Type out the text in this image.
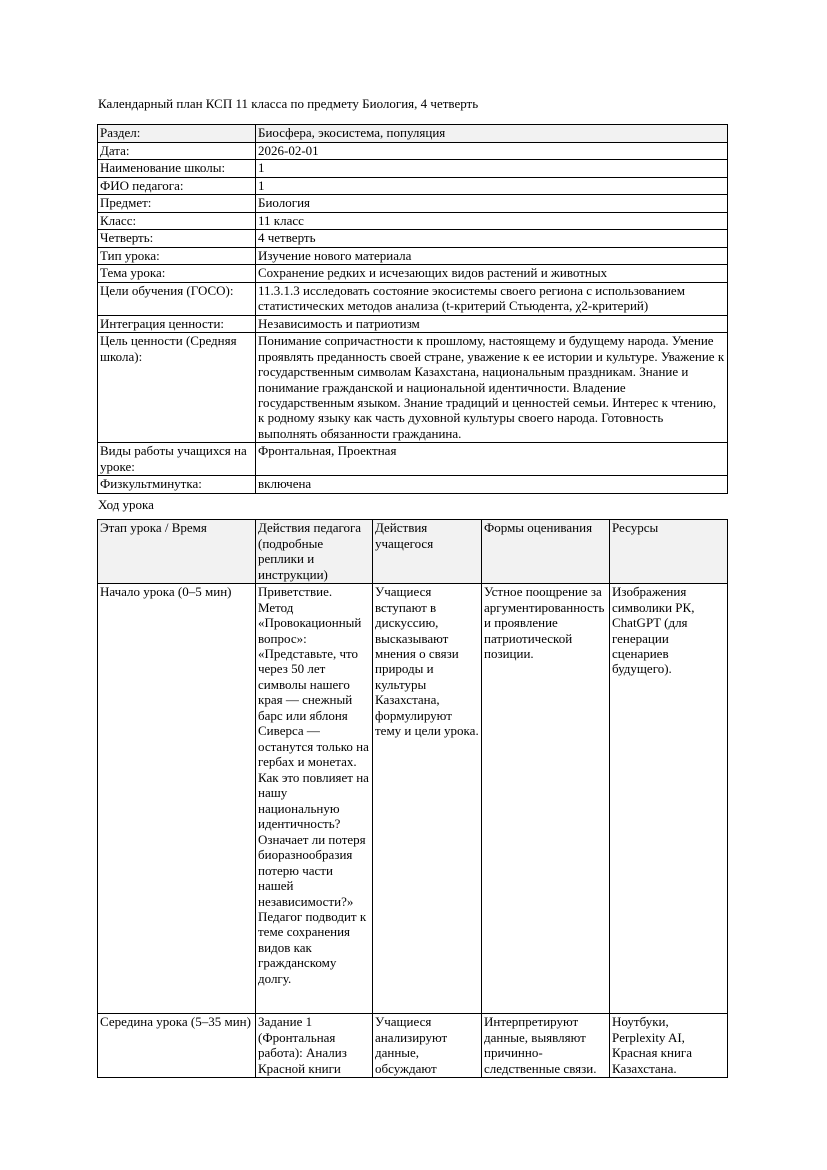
Календарный план КСП 11 класса по предмету Биология, 4 четверть

Раздел:	Биосфера, экосистема, популяция
Дата:	2026-02-01
Наименование школы:	1
ФИО педагога:	1
Предмет:	Биология
Класс:	11 класс
Четверть:	4 четверть
Тип урока:	Изучение нового материала
Тема урока:	Сохранение редких и исчезающих видов растений и животных
Цели обучения (ГОСО):	11.3.1.3 исследовать состояние экосистемы своего региона с использованием статистических методов анализа (t-критерий Стьюдента, χ2-критерий)
Интеграция ценности:	Независимость и патриотизм
Цель ценности (Средняя школа):	Понимание сопричастности к прошлому, настоящему и будущему народа. Умение проявлять преданность своей стране, уважение к ее истории и культуре. Уважение к государственным символам Казахстана, национальным праздникам. Знание и понимание гражданской и национальной идентичности. Владение государственным языком. Знание традиций и ценностей семьи. Интерес к чтению, к родному языку как часть духовной культуры своего народа. Готовность выполнять обязанности гражданина.
Виды работы учащихся на уроке:	Фронтальная, Проектная
Физкультминутка:	включена

Ход урока

Этап урока / Время	Действия педагога (подробные реплики и инструкции)	Действия учащегося	Формы оценивания	Ресурсы
Начало урока (0–5 мин)	Приветствие. Метод «Провокационный вопрос»: «Представьте, что через 50 лет символы нашего края — снежный барс или яблоня Сиверса — останутся только на гербах и монетах. Как это повлияет на нашу национальную идентичность? Означает ли потеря биоразнообразия потерю части нашей независимости?» Педагог подводит к теме сохранения видов как гражданскому долгу.	Учащиеся вступают в дискуссию, высказывают мнения о связи природы и культуры Казахстана, формулируют тему и цели урока.	Устное поощрение за аргументированность и проявление патриотической позиции.	Изображения символики РК, ChatGPT (для генерации сценариев будущего).
Середина урока (5–35 мин)	Задание 1 (Фронтальная работа): Анализ Красной книги	Учащиеся анализируют данные, обсуждают	Интерпретируют данные, выявляют причинно-следственные связи.	Ноутбуки, Perplexity AI, Красная книга Казахстана.
